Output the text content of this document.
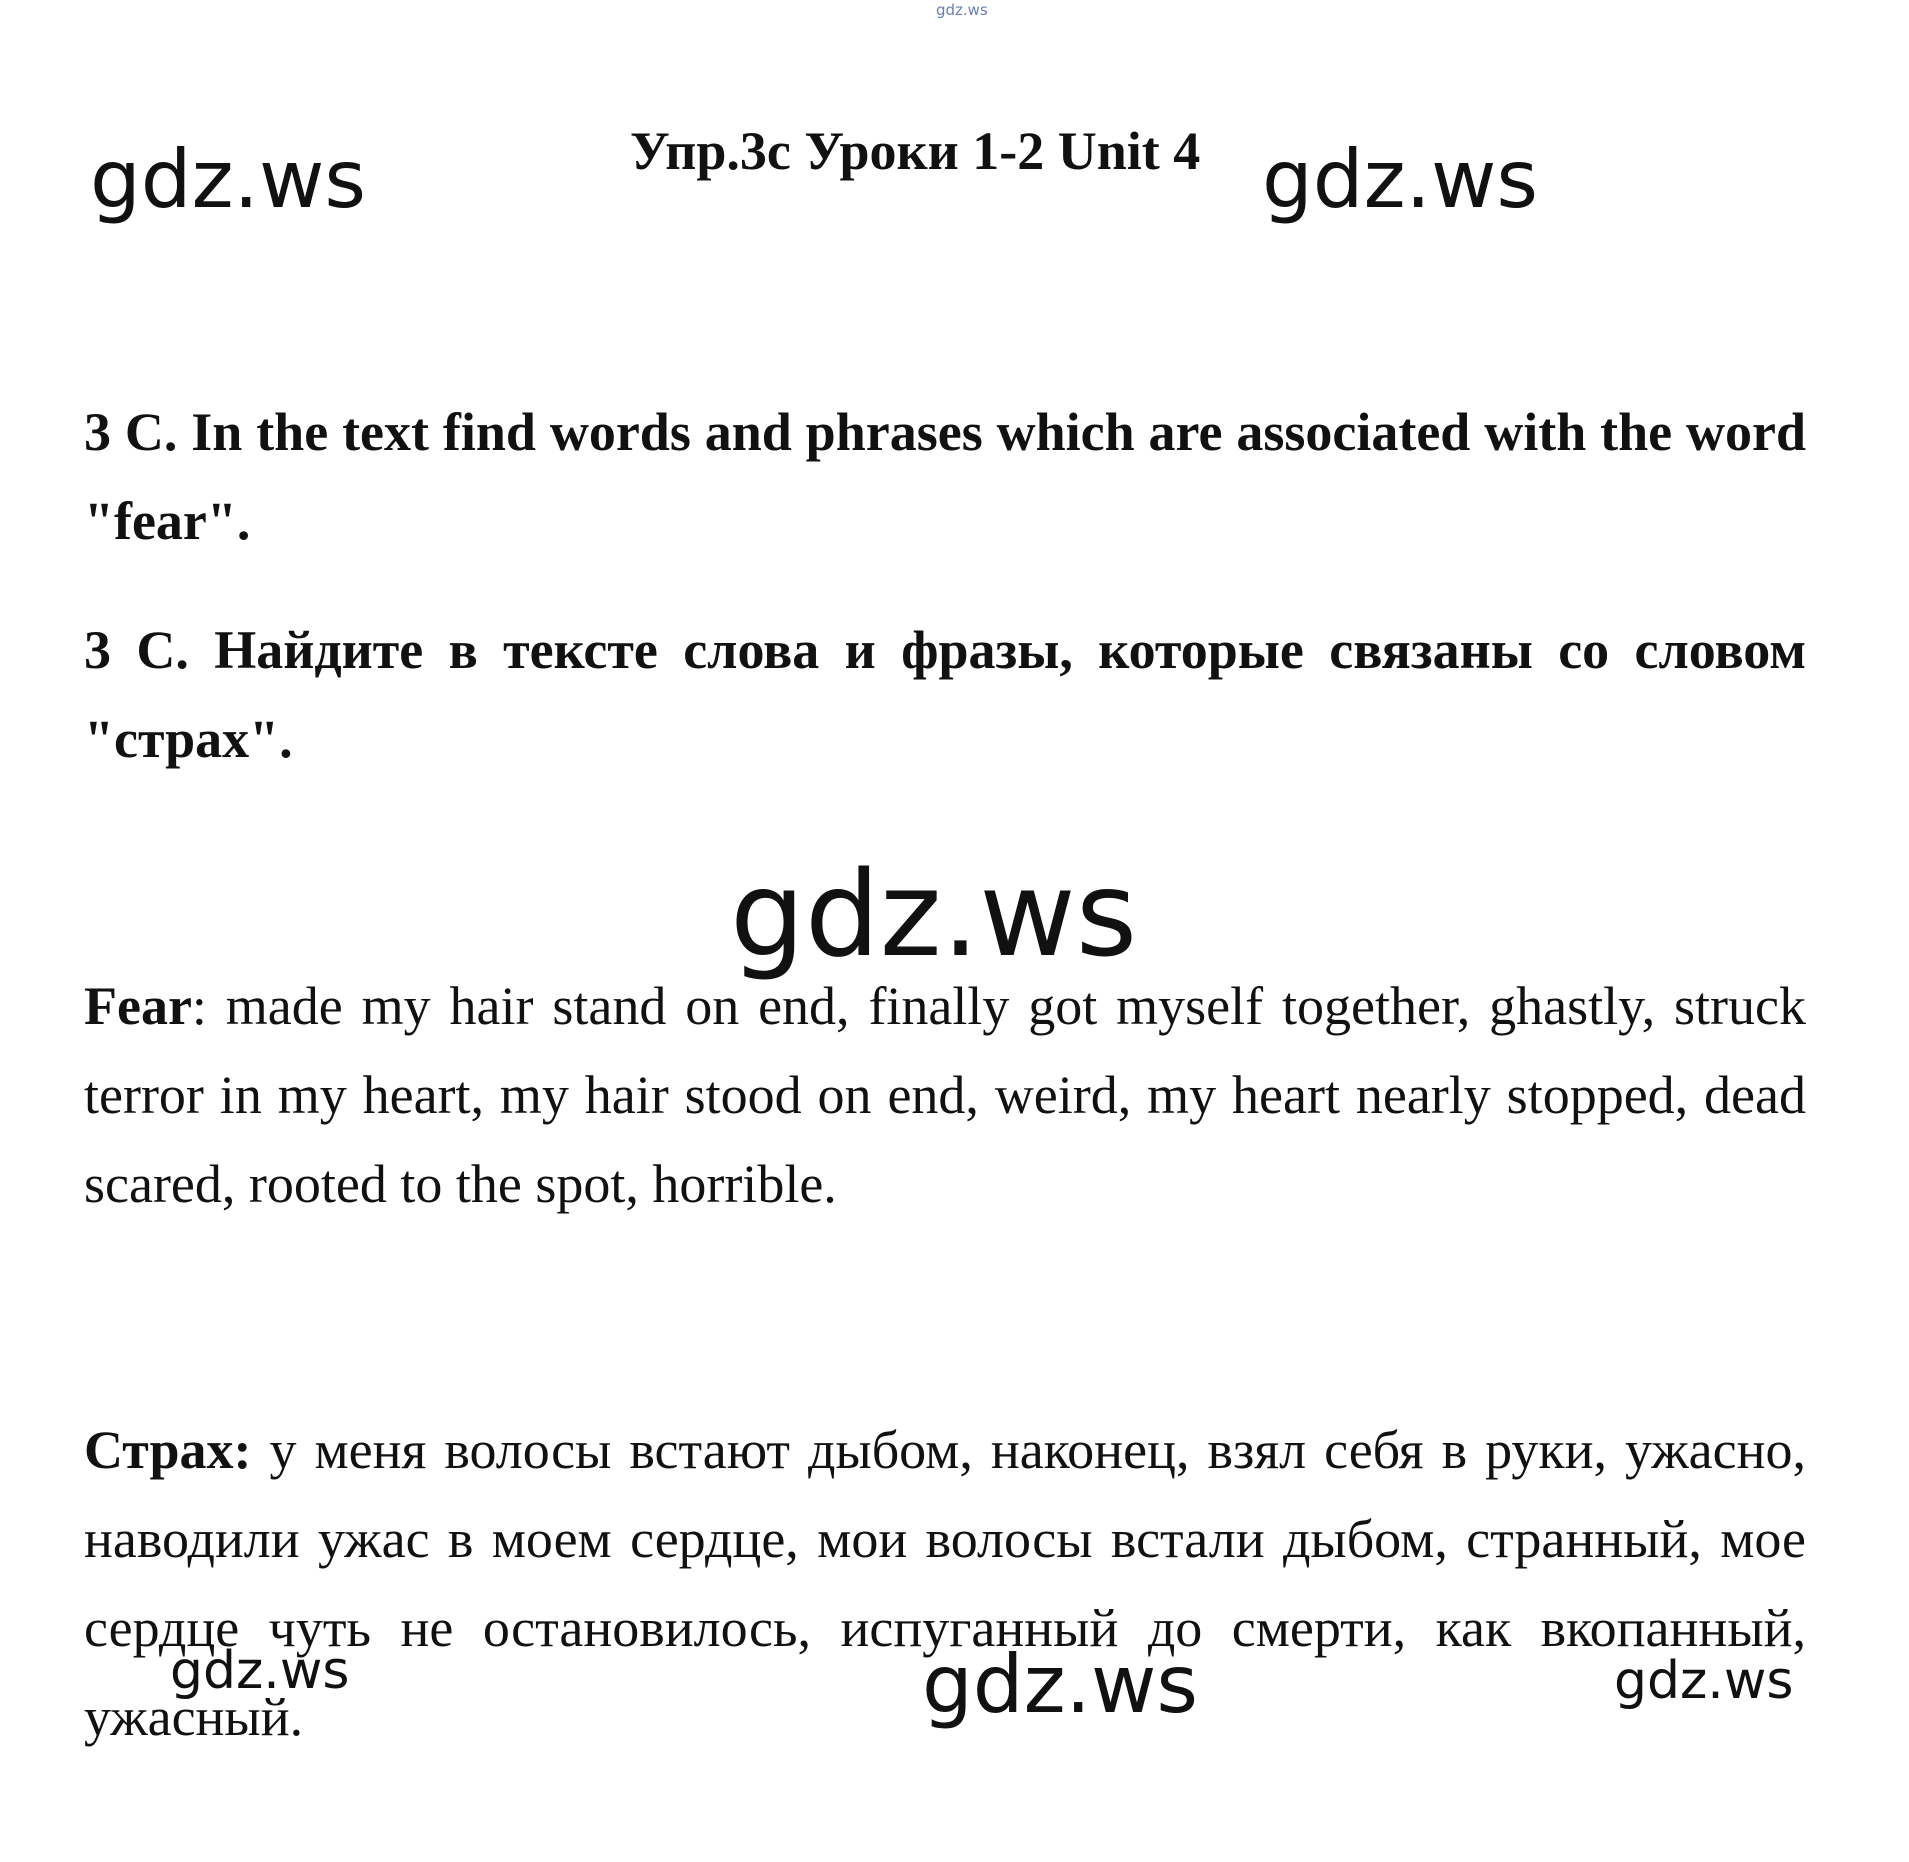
gdz.ws
gdz.ws	gdz.ws
gdz.ws
gdz.ws	gdz.ws	gdz.ws
Упр.3с Уроки 1-2 Unit 4
3 C. In the text find words and phrases which are associated with the word "fear".
3 С. Найдите в тексте слова и фразы, которые связаны со словом "страх".
Fear: made my hair stand on end, finally got myself together, ghastly, struck terror in my heart, my hair stood on end, weird, my heart nearly stopped, dead scared, rooted to the spot, horrible.
Страх: у меня волосы встают дыбом, наконец, взял себя в руки, ужасно, наводили ужас в моем сердце, мои волосы встали дыбом, странный, мое сердце чуть не остановилось, испуганный до смерти, как вкопанный, ужасный.
